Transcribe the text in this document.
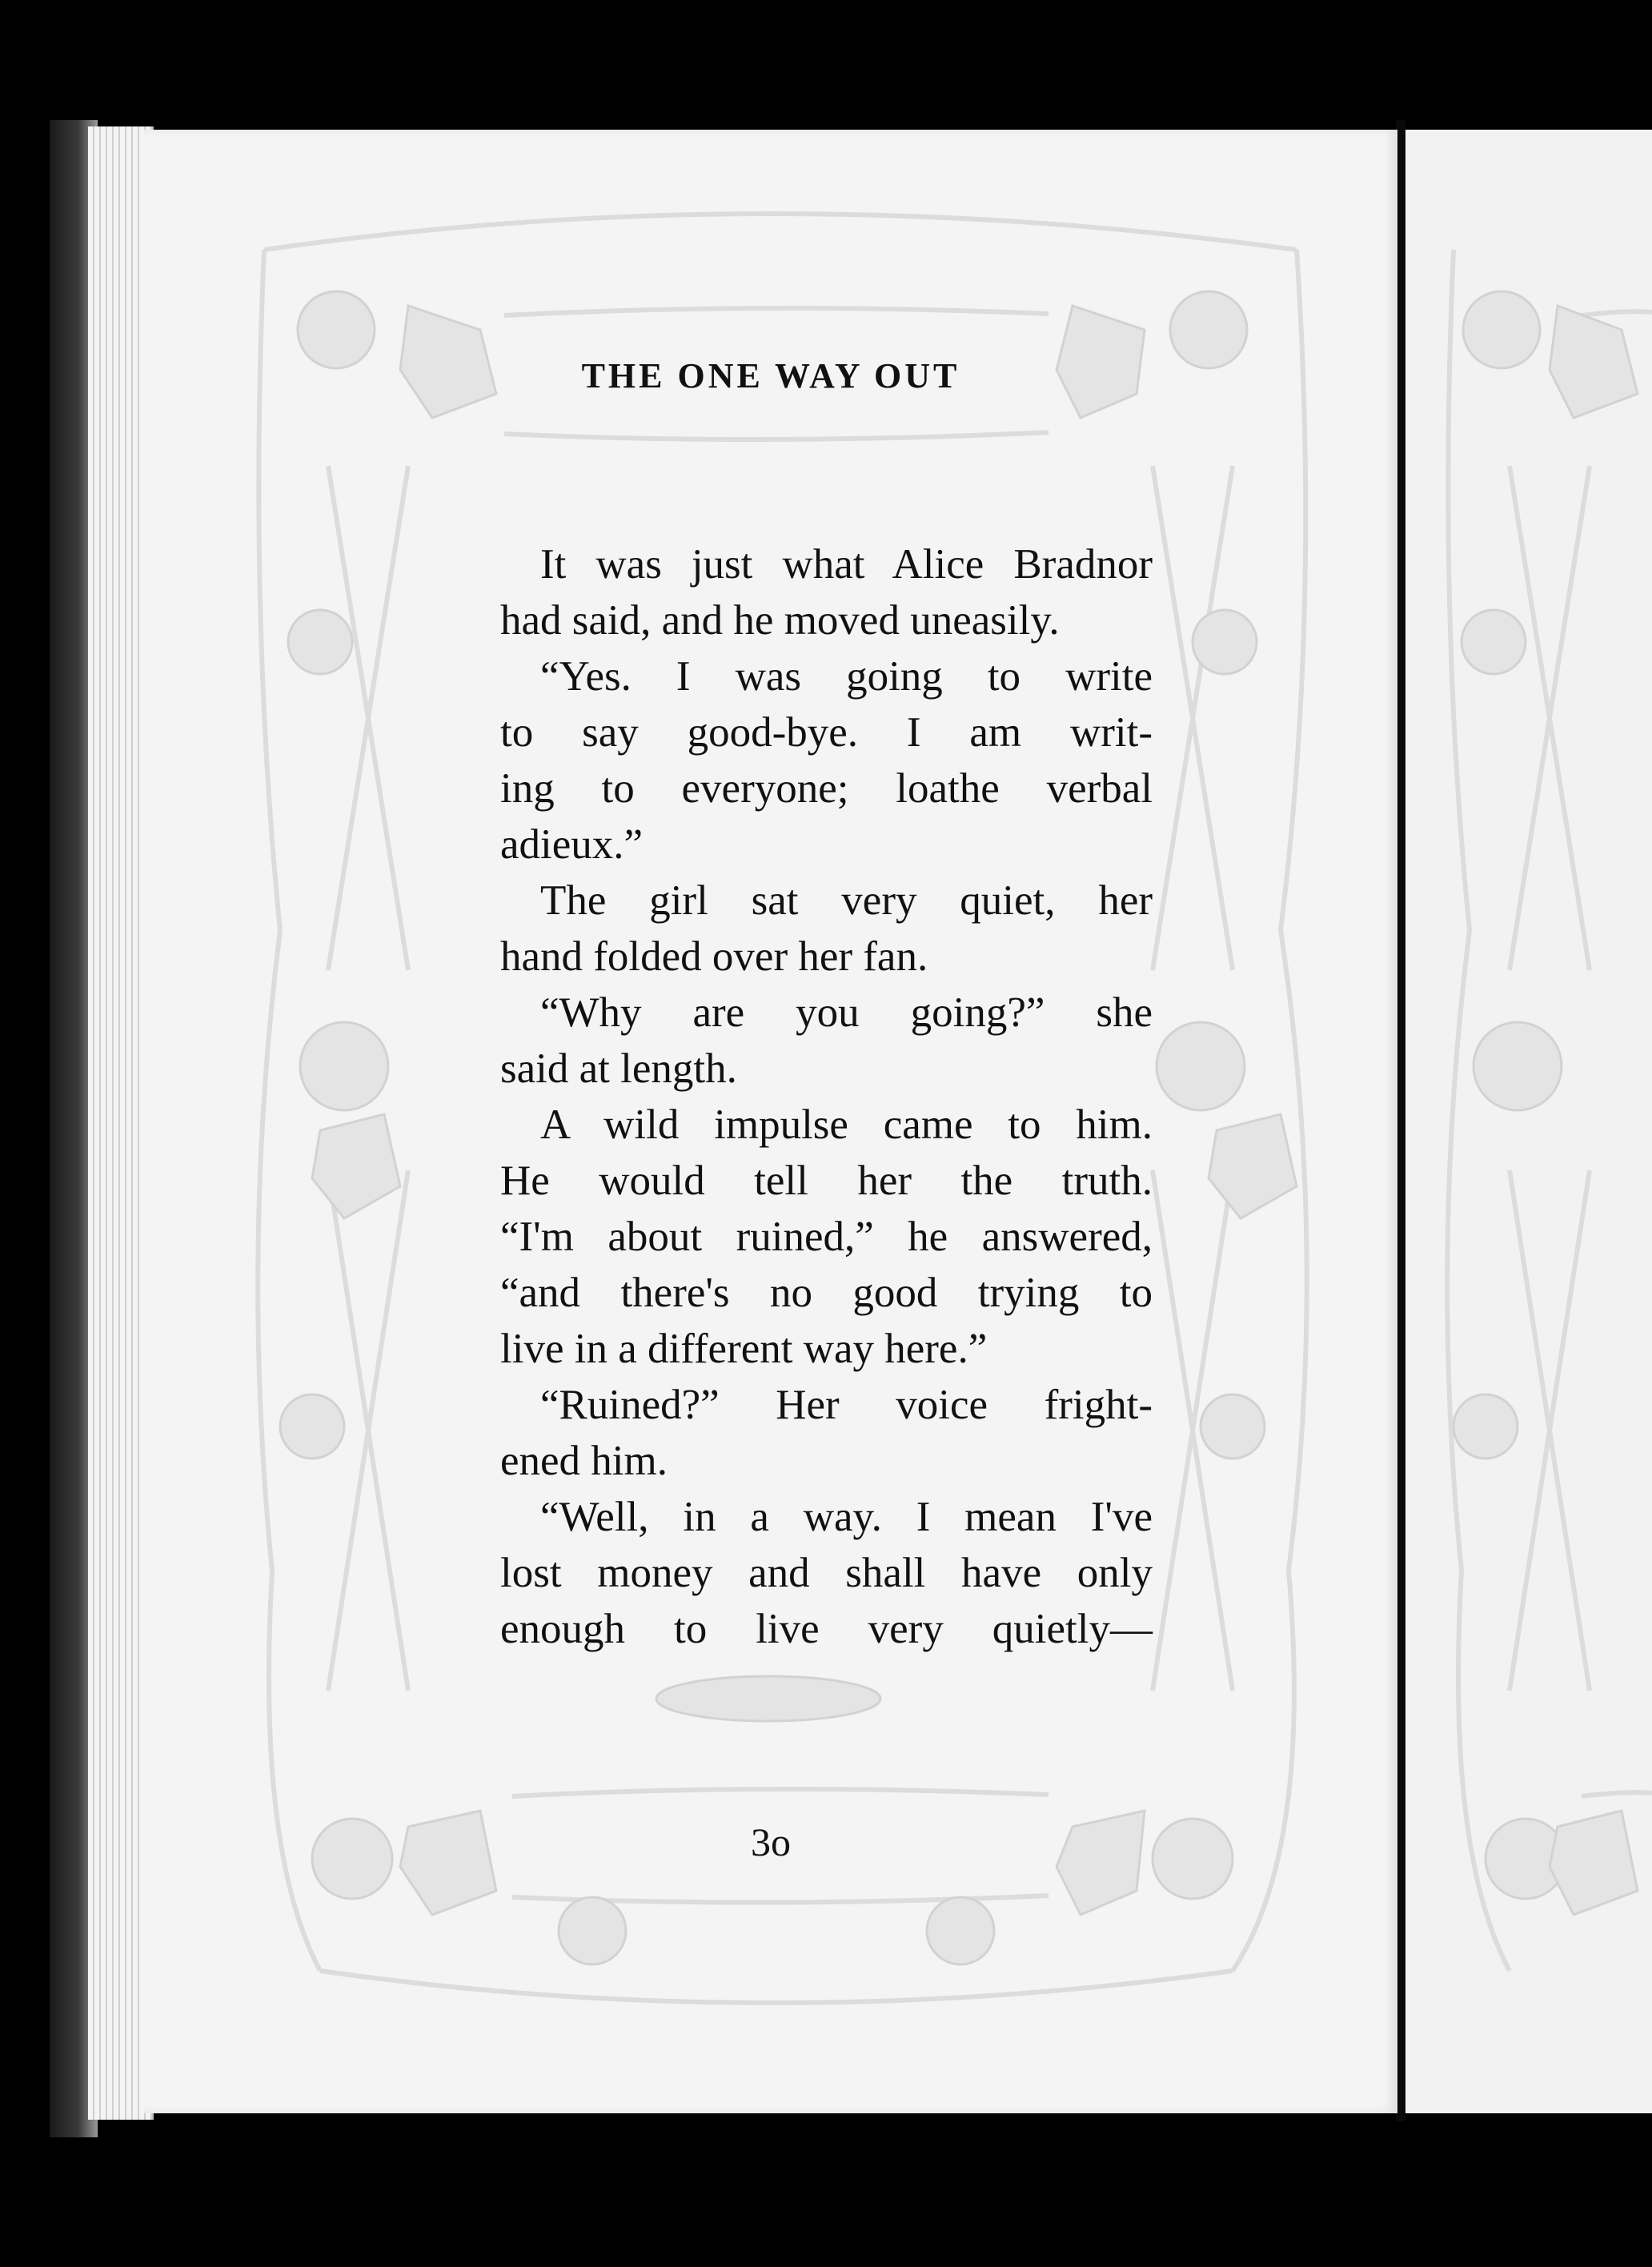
THE ONE WAY OUT
It was just what Alice Bradnor
had said, and he moved uneasily.
“Yes. I was going to write
to say good-bye. I am writ-
ing to everyone; loathe verbal
adieux.”
The girl sat very quiet, her
hand folded over her fan.
“Why are you going?” she
said at length.
A wild impulse came to him.
He would tell her the truth.
“I'm about ruined,” he answered,
“and there's no good trying to
live in a different way here.”
“Ruined?” Her voice fright-
ened him.
“Well, in a way. I mean I've
lost money and shall have only
enough to live very quietly—
3o
